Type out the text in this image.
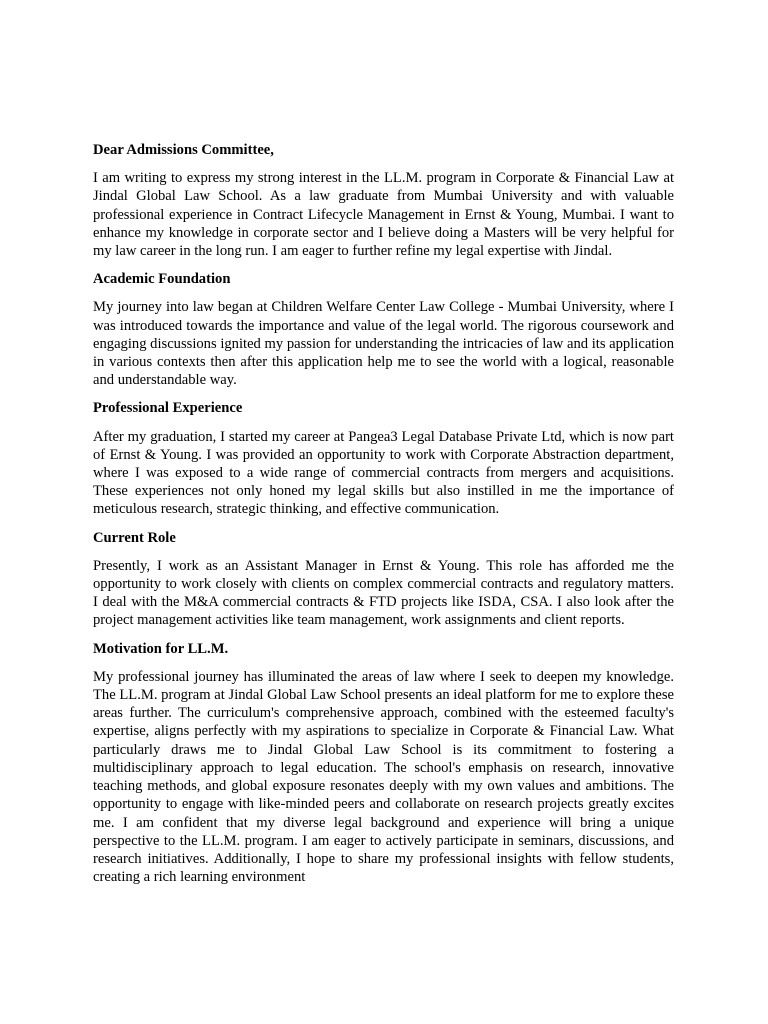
Dear Admissions Committee,

I am writing to express my strong interest in the LL.M. program in Corporate & Financial Law at Jindal Global Law School. As a law graduate from Mumbai University and with valuable professional experience in Contract Lifecycle Management in Ernst & Young, Mumbai. I want to enhance my knowledge in corporate sector and I believe doing a Masters will be very helpful for my law career in the long run. I am eager to further refine my legal expertise with Jindal.

Academic Foundation

My journey into law began at Children Welfare Center Law College - Mumbai University, where I was introduced towards the importance and value of the legal world. The rigorous coursework and engaging discussions ignited my passion for understanding the intricacies of law and its application in various contexts then after this application help me to see the world with a logical, reasonable and understandable way.

Professional Experience

After my graduation, I started my career at Pangea3 Legal Database Private Ltd, which is now part of Ernst & Young. I was provided an opportunity to work with Corporate Abstraction department, where I was exposed to a wide range of commercial contracts from mergers and acquisitions. These experiences not only honed my legal skills but also instilled in me the importance of meticulous research, strategic thinking, and effective communication.

Current Role

Presently, I work as an Assistant Manager in Ernst & Young. This role has afforded me the opportunity to work closely with clients on complex commercial contracts and regulatory matters. I deal with the M&A commercial contracts & FTD projects like ISDA, CSA. I also look after the project management activities like team management, work assignments and client reports.

Motivation for LL.M.

My professional journey has illuminated the areas of law where I seek to deepen my knowledge. The LL.M. program at Jindal Global Law School presents an ideal platform for me to explore these areas further. The curriculum's comprehensive approach, combined with the esteemed faculty's expertise, aligns perfectly with my aspirations to specialize in Corporate & Financial Law. What particularly draws me to Jindal Global Law School is its commitment to fostering a multidisciplinary approach to legal education. The school's emphasis on research, innovative teaching methods, and global exposure resonates deeply with my own values and ambitions. The opportunity to engage with like-minded peers and collaborate on research projects greatly excites me. I am confident that my diverse legal background and experience will bring a unique perspective to the LL.M. program. I am eager to actively participate in seminars, discussions, and research initiatives. Additionally, I hope to share my professional insights with fellow students, creating a rich learning environment
